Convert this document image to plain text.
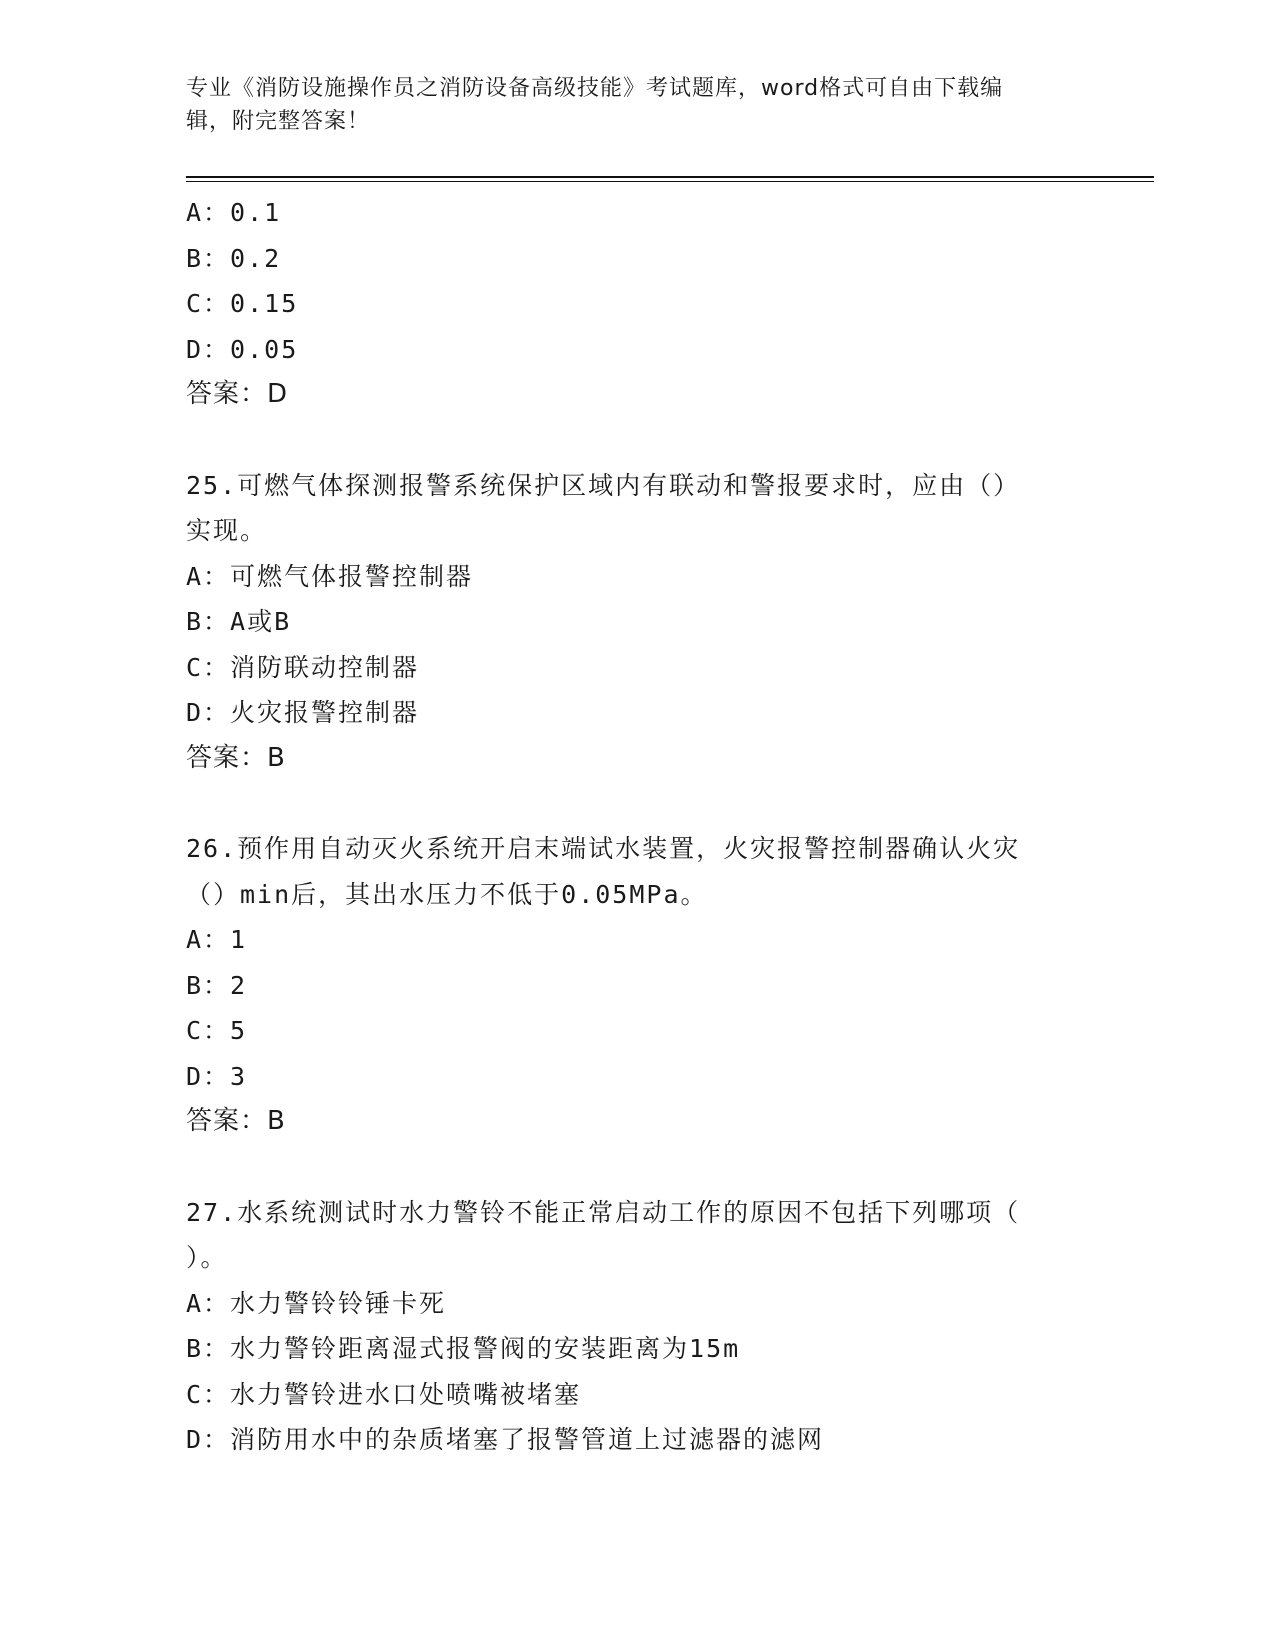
专业《消防设施操作员之消防设备高级技能》考试题库，word格式可自由下载编
辑，附完整答案！
A：0.1
B：0.2
C：0.15
D：0.05
答案：D
25.可燃气体探测报警系统保护区域内有联动和警报要求时，应由（）
实现。
A：可燃气体报警控制器
B：A或B
C：消防联动控制器
D：火灾报警控制器
答案：B
26.预作用自动灭火系统开启末端试水装置，火灾报警控制器确认火灾
（）min后，其出水压力不低于0.05MPa。
A：1
B：2
C：5
D：3
答案：B
27.水系统测试时水力警铃不能正常启动工作的原因不包括下列哪项（
）。
A：水力警铃铃锤卡死
B：水力警铃距离湿式报警阀的安装距离为15m
C：水力警铃进水口处喷嘴被堵塞
D：消防用水中的杂质堵塞了报警管道上过滤器的滤网
